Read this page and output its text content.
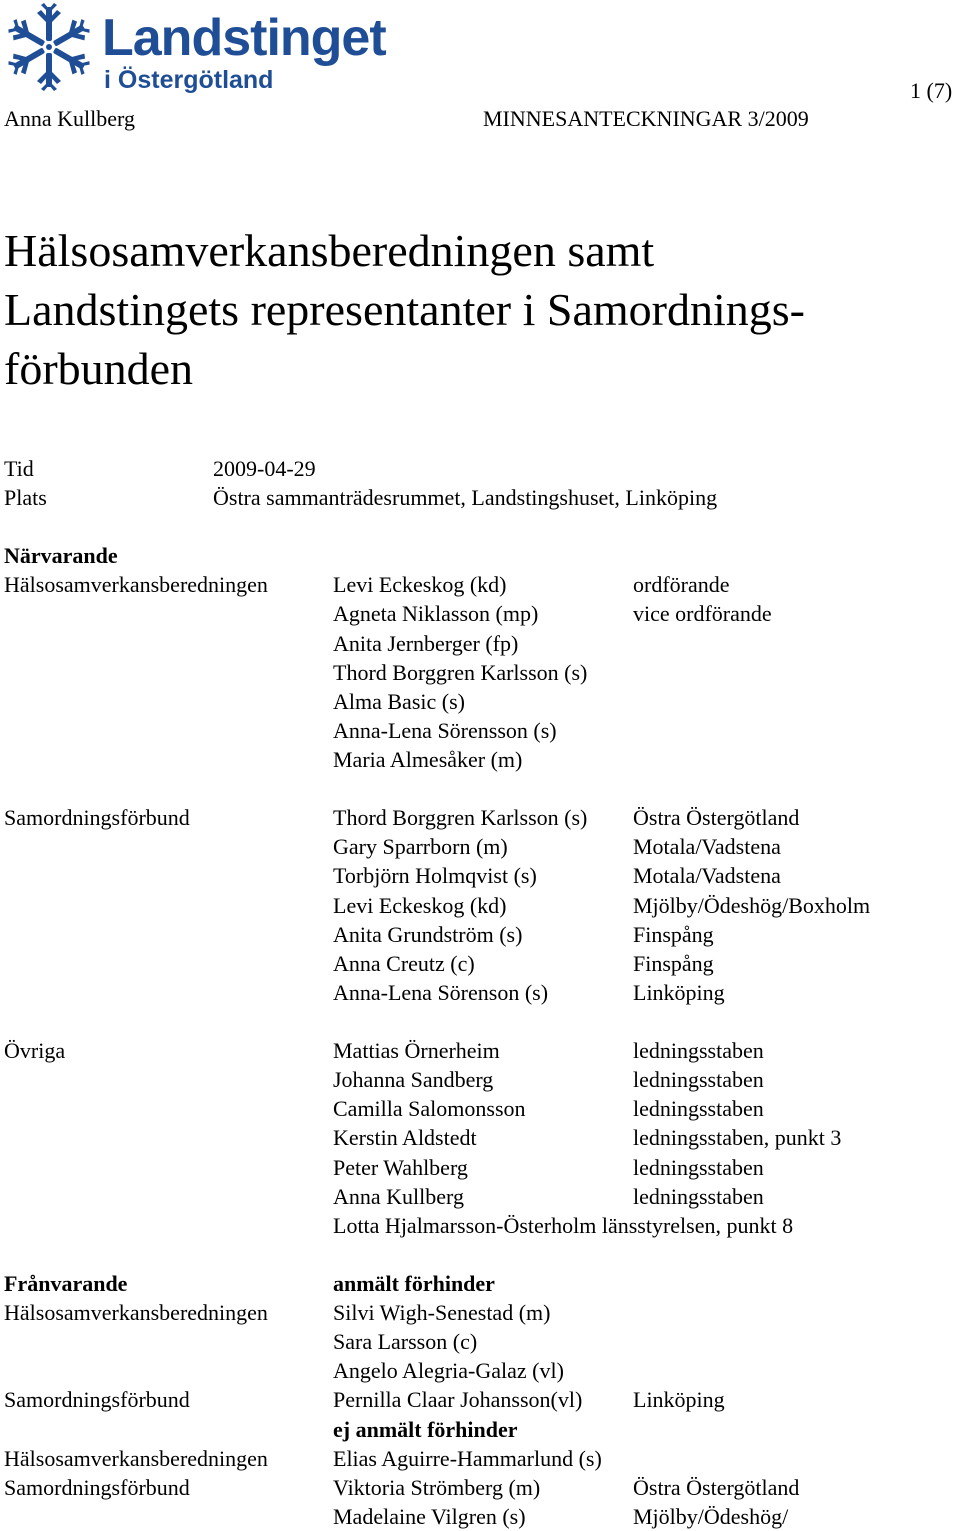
Landstinget
i Östergötland	1 (7)
Anna Kullberg	MINNESANTECKNINGAR 3/2009
Hälsosamverkansberedningen samt
Landstingets representanter i Samordnings-
förbunden
Tid	2009-04-29
Plats	Östra sammanträdesrummet, Landstingshuset, Linköping
Närvarande
Hälsosamverkansberedningen	Levi Eckeskog (kd)	ordförande
Agneta Niklasson (mp)	vice ordförande
Anita Jernberger (fp)
Thord Borggren Karlsson (s)
Alma Basic (s)
Anna-Lena Sörensson (s)
Maria Almesåker (m)
Samordningsförbund	Thord Borggren Karlsson (s) Östra Östergötland
Gary Sparrborn (m)	Motala/Vadstena
Torbjörn Holmqvist (s)	Motala/Vadstena
Levi Eckeskog (kd)	Mjölby/Ödeshög/Boxholm
Anita Grundström (s)	Finspång
Anna Creutz (c)	Finspång
Anna-Lena Sörenson (s)	Linköping
Övriga	Mattias Örnerheim	ledningsstaben
Johanna Sandberg	ledningsstaben
Camilla Salomonsson	ledningsstaben
Kerstin Aldstedt	ledningsstaben, punkt 3
Peter Wahlberg	ledningsstaben
Anna Kullberg	ledningsstaben
Lotta Hjalmarsson-Österholm länsstyrelsen, punkt 8
Frånvarande	anmält förhinder
Hälsosamverkansberedningen	Silvi Wigh-Senestad (m)
Sara Larsson (c)
Angelo Alegria-Galaz (vl)
Samordningsförbund	Pernilla Claar Johansson(vl) Linköping
ej anmält förhinder
Hälsosamverkansberedningen	Elias Aguirre-Hammarlund (s)
Samordningsförbund	Viktoria Strömberg (m)	Östra Östergötland
Madelaine Vilgren (s)	Mjölby/Ödeshög/
